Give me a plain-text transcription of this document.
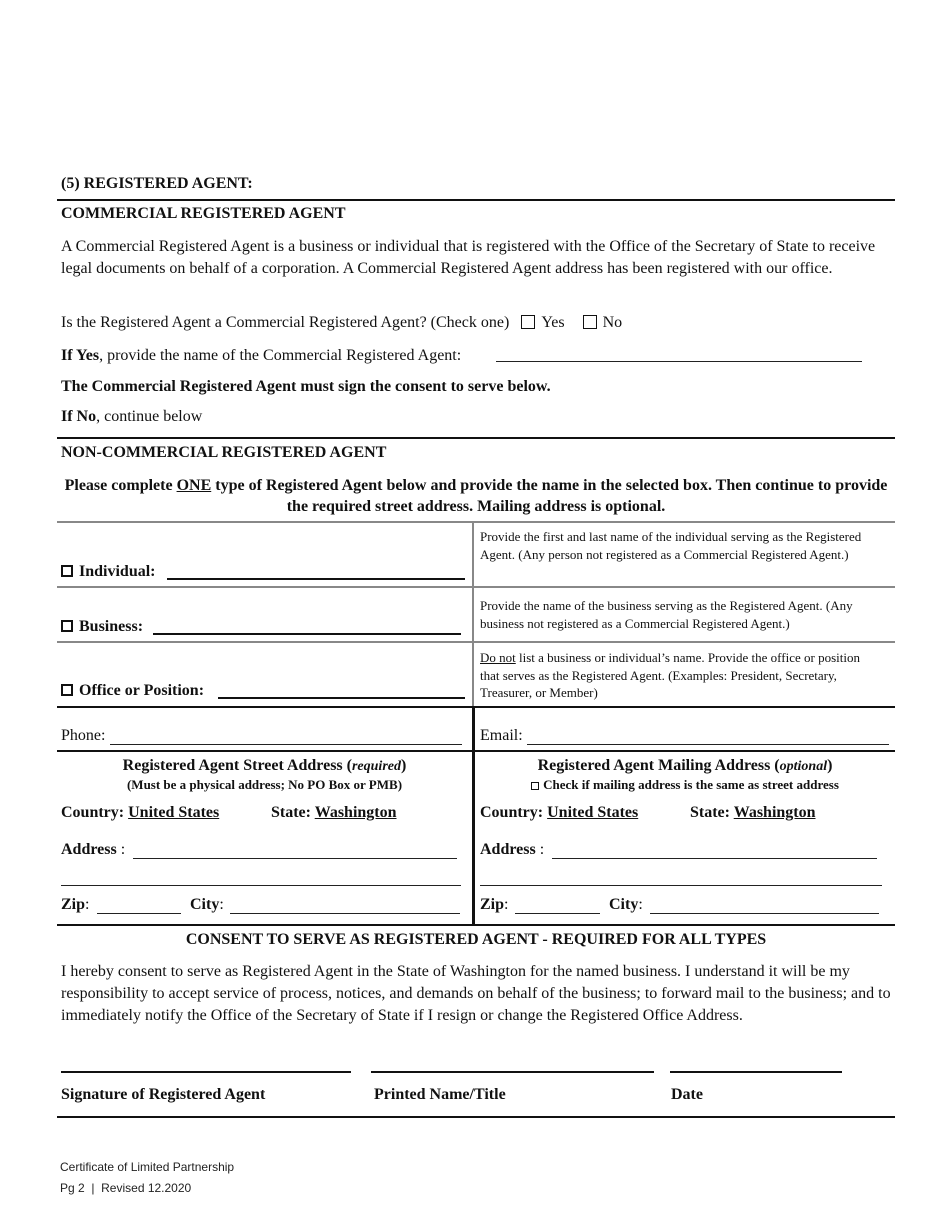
(5) REGISTERED AGENT:
COMMERCIAL REGISTERED AGENT
A Commercial Registered Agent is a business or individual that is registered with the Office of the Secretary of State to receive legal documents on behalf of a corporation. A Commercial Registered Agent address has been registered with our office.
Is the Registered Agent a Commercial Registered Agent? (Check one) Yes No
If Yes, provide the name of the Commercial Registered Agent:
The Commercial Registered Agent must sign the consent to serve below.
If No, continue below
NON-COMMERCIAL REGISTERED AGENT
Please complete ONE type of Registered Agent below and provide the name in the selected box. Then continue to provide the required street address. Mailing address is optional.
Individual:
Provide the first and last name of the individual serving as the Registered Agent. (Any person not registered as a Commercial Registered Agent.)
Business:
Provide the name of the business serving as the Registered Agent. (Any business not registered as a Commercial Registered Agent.)
Office or Position:
Do not list a business or individual’s name. Provide the office or position that serves as the Registered Agent. (Examples: President, Secretary, Treasurer, or Member)
Phone:	Email:
Registered Agent Street Address (required)
(Must be a physical address; No PO Box or PMB)
Country: United States	State: Washington
Address :
Zip:	City:
Registered Agent Mailing Address (optional)
Check if mailing address is the same as street address
Country: United States	State: Washington
Address :
Zip:	City:
CONSENT TO SERVE AS REGISTERED AGENT - REQUIRED FOR ALL TYPES
I hereby consent to serve as Registered Agent in the State of Washington for the named business. I understand it will be my responsibility to accept service of process, notices, and demands on behalf of the business; to forward mail to the business; and to immediately notify the Office of the Secretary of State if I resign or change the Registered Office Address.
Signature of Registered Agent	Printed Name/Title	Date
Certificate of Limited Partnership
Pg 2  |  Revised 12.2020
